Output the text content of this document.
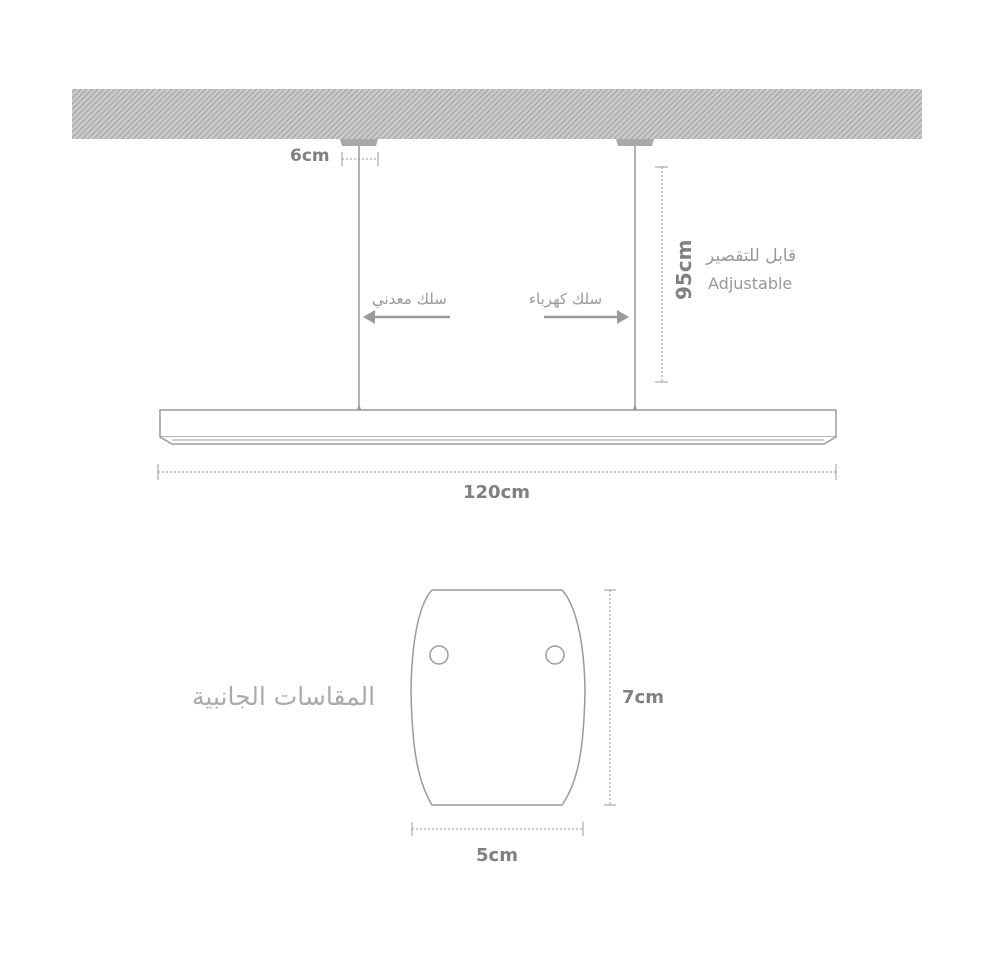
6cm
95cm قابل للتقصير
Adjustable
سلك معدني	سلك كهرباء
120cm
المقاسات الجانبية	7cm
5cm
